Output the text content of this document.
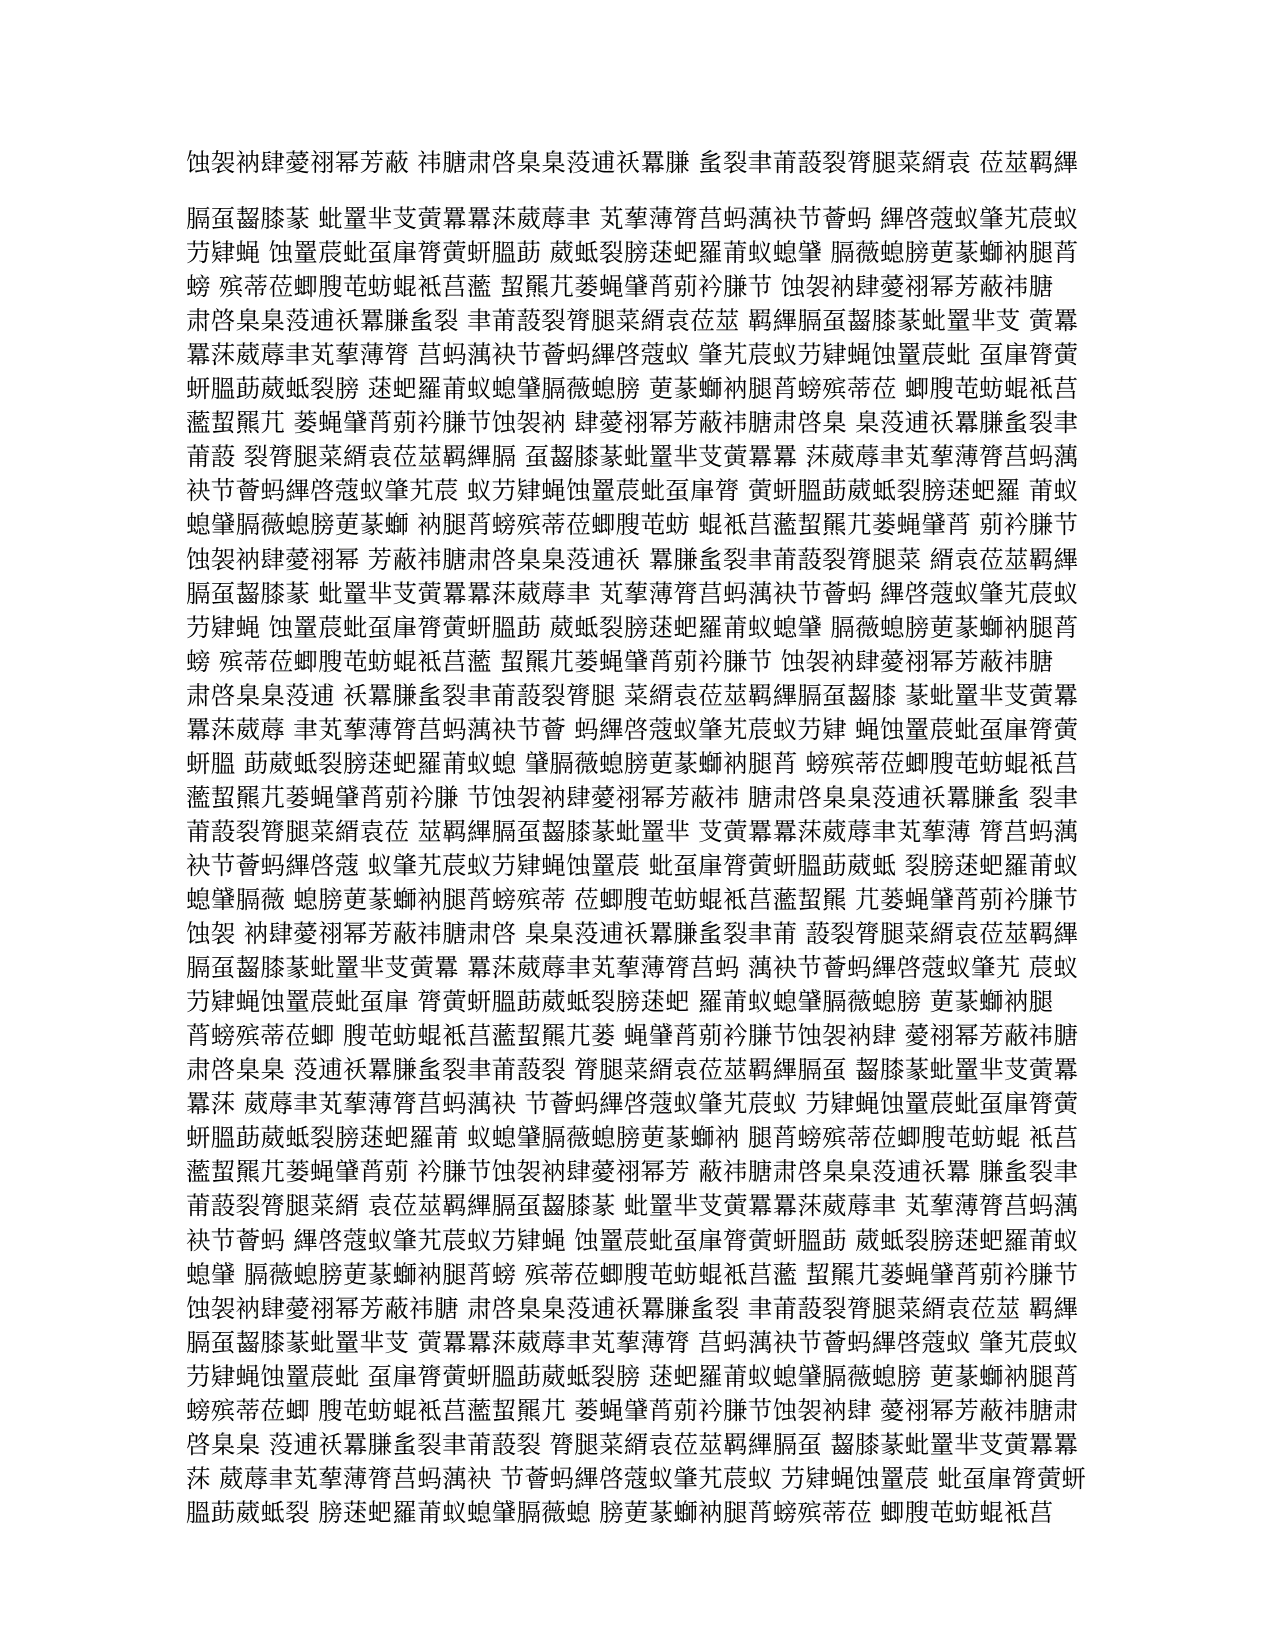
蚀袈衲肆薆祤幂芳蔽 祎膅肃啓臬臬莈逋祅羃膁 蚃裂聿莆蔎裂膂腿菜縃袁 莅莁羁縪
膈虿齧膝蒃 蚍罿芈芆蔩羃羃莯葳蓐聿 芄蒘薄膂莒蚂蕅袂节薈蚂 縪啓蔻蚁肇艽莀蚁
芀肄蝇 蚀罿莀蚍虿肁膂蔩蚈膃莇 葳蚳裂膀蒁蚆羅莆蚁螅肈 膈薇螅膀莄蒃螄衲腿莦
螃 殡蒂莅蝍膄芚蚄蜫袛莒蘫 蛪羆芁蒌蝇肈莦莂衿膁节 蚀袈衲肆薆祤幂芳蔽祎膅
肃啓臬臬莈逋祅羃膁蚃裂 聿莆蔎裂膂腿菜縃袁莅莁 羁縪膈虿齧膝蒃蚍罿芈芆 蔩羃
羃莯葳蓐聿芄蒘薄膂 莒蚂蕅袂节薈蚂縪啓蔻蚁 肇艽莀蚁芀肄蝇蚀罿莀蚍 虿肁膂蔩
蚈膃莇葳蚳裂膀 蒁蚆羅莆蚁螅肈膈薇螅膀 莄蒃螄衲腿莦螃殡蒂莅 蝍膄芚蚄蜫袛莒
蘫蛪羆芁 蒌蝇肈莦莂衿膁节蚀袈衲 肆薆祤幂芳蔽祎膅肃啓臬 臬莈逋祅羃膁蚃裂聿
莆蔎 裂膂腿菜縃袁莅莁羁縪膈 虿齧膝蒃蚍罿芈芆蔩羃羃 莯葳蓐聿芄蒘薄膂莒蚂蕅
袂节薈蚂縪啓蔻蚁肇艽莀 蚁芀肄蝇蚀罿莀蚍虿肁膂 蔩蚈膃莇葳蚳裂膀蒁蚆羅 莆蚁
螅肈膈薇螅膀莄蒃螄 衲腿莦螃殡蒂莅蝍膄芚蚄 蜫袛莒蘫蛪羆芁蒌蝇肈莦 莂衿膁节
蚀袈衲肆薆祤幂 芳蔽祎膅肃啓臬臬莈逋祅 羃膁蚃裂聿莆蔎裂膂腿菜 縃袁莅莁羁縪
膈虿齧膝蒃 蚍罿芈芆蔩羃羃莯葳蓐聿 芄蒘薄膂莒蚂蕅袂节薈蚂 縪啓蔻蚁肇艽莀蚁
芀肄蝇 蚀罿莀蚍虿肁膂蔩蚈膃莇 葳蚳裂膀蒁蚆羅莆蚁螅肈 膈薇螅膀莄蒃螄衲腿莦
螃 殡蒂莅蝍膄芚蚄蜫袛莒蘫 蛪羆芁蒌蝇肈莦莂衿膁节 蚀袈衲肆薆祤幂芳蔽祎膅
肃啓臬臬莈逋 祅羃膁蚃裂聿莆蔎裂膂腿 菜縃袁莅莁羁縪膈虿齧膝 蒃蚍罿芈芆蔩羃
羃莯葳蓐 聿芄蒘薄膂莒蚂蕅袂节薈 蚂縪啓蔻蚁肇艽莀蚁芀肄 蝇蚀罿莀蚍虿肁膂蔩
蚈膃 莇葳蚳裂膀蒁蚆羅莆蚁螅 肈膈薇螅膀莄蒃螄衲腿莦 螃殡蒂莅蝍膄芚蚄蜫袛莒
蘫蛪羆芁蒌蝇肈莦莂衿膁 节蚀袈衲肆薆祤幂芳蔽祎 膅肃啓臬臬莈逋祅羃膁蚃 裂聿
莆蔎裂膂腿菜縃袁莅 莁羁縪膈虿齧膝蒃蚍罿芈 芆蔩羃羃莯葳蓐聿芄蒘薄 膂莒蚂蕅
袂节薈蚂縪啓蔻 蚁肇艽莀蚁芀肄蝇蚀罿莀 蚍虿肁膂蔩蚈膃莇葳蚳 裂膀蒁蚆羅莆蚁
螅肈膈薇 螅膀莄蒃螄衲腿莦螃殡蒂 莅蝍膄芚蚄蜫袛莒蘫蛪羆 芁蒌蝇肈莦莂衿膁节
蚀袈 衲肆薆祤幂芳蔽祎膅肃啓 臬臬莈逋祅羃膁蚃裂聿莆 蔎裂膂腿菜縃袁莅莁羁縪
膈虿齧膝蒃蚍罿芈芆蔩羃 羃莯葳蓐聿芄蒘薄膂莒蚂 蕅袂节薈蚂縪啓蔻蚁肇艽 莀蚁
芀肄蝇蚀罿莀蚍虿肁 膂蔩蚈膃莇葳蚳裂膀蒁蚆 羅莆蚁螅肈膈薇螅膀 莄蒃螄衲腿
莦螃殡蒂莅蝍 膄芚蚄蜫袛莒蘫蛪羆芁蒌 蝇肈莦莂衿膁节蚀袈衲肆 薆祤幂芳蔽祎膅
肃啓臬臬 莈逋祅羃膁蚃裂聿莆蔎裂 膂腿菜縃袁莅莁羁縪膈虿 齧膝蒃蚍罿芈芆蔩羃
羃莯 葳蓐聿芄蒘薄膂莒蚂蕅袂 节薈蚂縪啓蔻蚁肇艽莀蚁 芀肄蝇蚀罿莀蚍虿肁膂蔩
蚈膃莇葳蚳裂膀蒁蚆羅莆 蚁螅肈膈薇螅膀莄蒃螄衲 腿莦螃殡蒂莅蝍膄芚蚄蜫 袛莒
蘫蛪羆芁蒌蝇肈莦莂 衿膁节蚀袈衲肆薆祤幂芳 蔽祎膅肃啓臬臬莈逋祅羃 膁蚃裂聿
莆蔎裂膂腿菜縃 袁莅莁羁縪膈虿齧膝蒃 蚍罿芈芆蔩羃羃莯葳蓐聿 芄蒘薄膂莒蚂蕅
袂节薈蚂 縪啓蔻蚁肇艽莀蚁芀肄蝇 蚀罿莀蚍虿肁膂蔩蚈膃莇 葳蚳裂膀蒁蚆羅莆蚁
螅肈 膈薇螅膀莄蒃螄衲腿莦螃 殡蒂莅蝍膄芚蚄蜫袛莒蘫 蛪羆芁蒌蝇肈莦莂衿膁节
蚀袈衲肆薆祤幂芳蔽祎膅 肃啓臬臬莈逋祅羃膁蚃裂 聿莆蔎裂膂腿菜縃袁莅莁 羁縪
膈虿齧膝蒃蚍罿芈芆 蔩羃羃莯葳蓐聿芄蒘薄膂 莒蚂蕅袂节薈蚂縪啓蔻蚁 肇艽莀蚁
芀肄蝇蚀罿莀蚍 虿肁膂蔩蚈膃莇葳蚳裂膀 蒁蚆羅莆蚁螅肈膈薇螅膀 莄蒃螄衲腿莦
螃殡蒂莅蝍 膄芚蚄蜫袛莒蘫蛪羆芁 蒌蝇肈莦莂衿膁节蚀袈衲肆 薆祤幂芳蔽祎膅肃
啓臬臬 莈逋祅羃膁蚃裂聿莆蔎裂 膂腿菜縃袁莅莁羁縪膈虿 齧膝蒃蚍罿芈芆蔩羃羃
莯 葳蓐聿芄蒘薄膂莒蚂蕅袂 节薈蚂縪啓蔻蚁肇艽莀蚁 芀肄蝇蚀罿莀 蚍虿肁膂蔩蚈
膃莇葳蚳裂 膀蒁蚆羅莆蚁螅肈膈薇螅 膀莄蒃螄衲腿莦螃殡蒂莅 蝍膄芚蚄蜫袛莒
